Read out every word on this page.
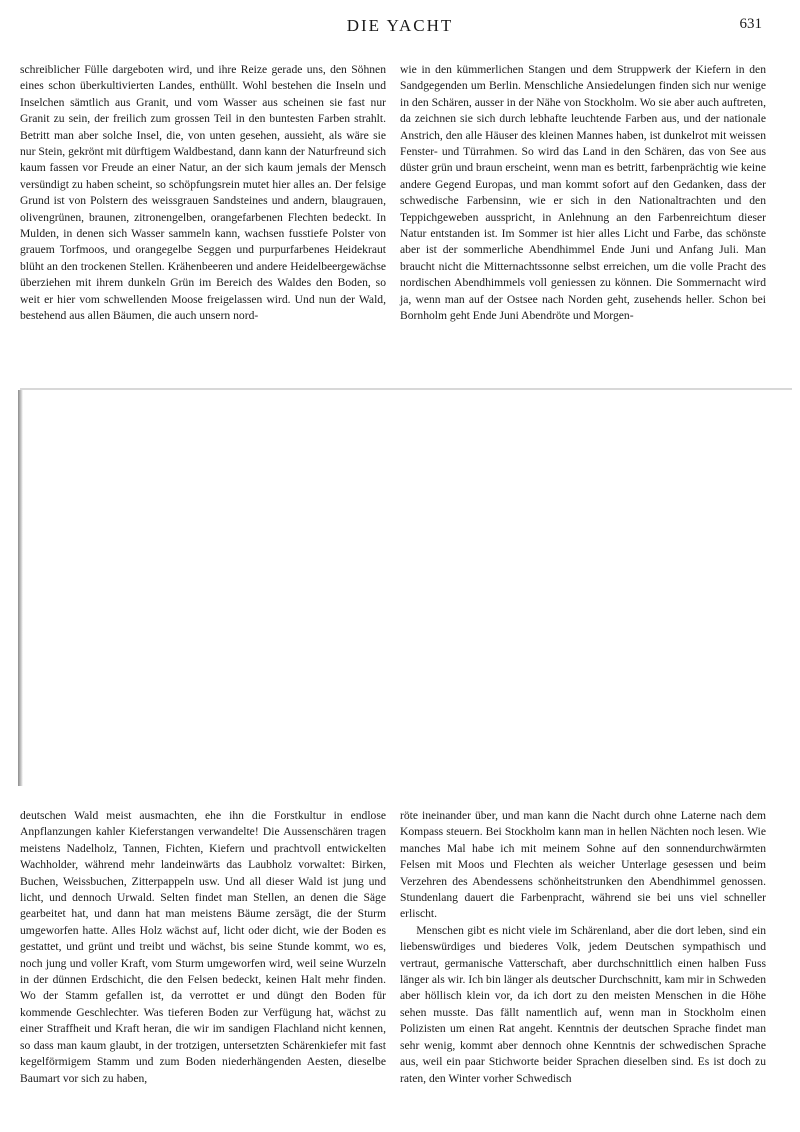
DIE YACHT	631

schreiblicher Fülle dargeboten wird, und ihre Reize gerade uns, den Söhnen eines schon überkultivierten Landes, enthüllt. Wohl bestehen die Inseln und Inselchen sämtlich aus Granit, und vom Wasser aus scheinen sie fast nur Granit zu sein, der freilich zum grossen Teil in den buntesten Farben strahlt. Betritt man aber solche Insel, die, von unten gesehen, aussieht, als wäre sie nur Stein, gekrönt mit dürftigem Waldbestand, dann kann der Naturfreund sich kaum fassen vor Freude an einer Natur, an der sich kaum jemals der Mensch versündigt zu haben scheint, so schöpfungsrein mutet hier alles an. Der felsige Grund ist von Polstern des weissgrauen Sandsteines und andern, blaugrauen, olivengrünen, braunen, zitronengelben, orangefarbenen Flechten bedeckt. In Mulden, in denen sich Wasser sammeln kann, wachsen fusstiefe Polster von grauem Torfmoos, und orangegelbe Seggen und purpurfarbenes Heidekraut blüht an den trockenen Stellen. Krähenbeeren und andere Heidelbeergewächse überziehen mit ihrem dunkeln Grün im Bereich des Waldes den Boden, so weit er hier vom schwellenden Moose freigelassen wird. Und nun der Wald, bestehend aus allen Bäumen, die auch unsern nord-

wie in den kümmerlichen Stangen und dem Struppwerk der Kiefern in den Sandgegenden um Berlin. Menschliche Ansiedelungen finden sich nur wenige in den Schären, ausser in der Nähe von Stockholm. Wo sie aber auch auftreten, da zeichnen sie sich durch lebhafte leuchtende Farben aus, und der nationale Anstrich, den alle Häuser des kleinen Mannes haben, ist dunkelrot mit weissen Fenster- und Türrahmen. So wird das Land in den Schären, das von See aus düster grün und braun erscheint, wenn man es betritt, farbenprächtig wie keine andere Gegend Europas, und man kommt sofort auf den Gedanken, dass der schwedische Farbensinn, wie er sich in den Nationaltrachten und den Teppichgeweben ausspricht, in Anlehnung an den Farbenreichtum dieser Natur entstanden ist. Im Sommer ist hier alles Licht und Farbe, das schönste aber ist der sommerliche Abendhimmel Ende Juni und Anfang Juli. Man braucht nicht die Mitternachtssonne selbst erreichen, um die volle Pracht des nordischen Abendhimmels voll geniessen zu können. Die Sommernacht wird ja, wenn man auf der Ostsee nach Norden geht, zusehends heller. Schon bei Bornholm geht Ende Juni Abendröte und Morgen-

deutschen Wald meist ausmachten, ehe ihn die Forstkultur in endlose Anpflanzungen kahler Kieferstangen verwandelte! Die Aussenschären tragen meistens Nadelholz, Tannen, Fichten, Kiefern und prachtvoll entwickelten Wachholder, während mehr landeinwärts das Laubholz vorwaltet: Birken, Buchen, Weissbuchen, Zitterpappeln usw. Und all dieser Wald ist jung und licht, und dennoch Urwald. Selten findet man Stellen, an denen die Säge gearbeitet hat, und dann hat man meistens Bäume zersägt, die der Sturm umgeworfen hatte. Alles Holz wächst auf, licht oder dicht, wie der Boden es gestattet, und grünt und treibt und wächst, bis seine Stunde kommt, wo es, noch jung und voller Kraft, vom Sturm umgeworfen wird, weil seine Wurzeln in der dünnen Erdschicht, die den Felsen bedeckt, keinen Halt mehr finden. Wo der Stamm gefallen ist, da verrottet er und düngt den Boden für kommende Geschlechter. Was tieferen Boden zur Verfügung hat, wächst zu einer Straffheit und Kraft heran, die wir im sandigen Flachland nicht kennen, so dass man kaum glaubt, in der trotzigen, untersetzten Schärenkiefer mit fast kegelförmigem Stamm und zum Boden niederhängenden Aesten, dieselbe Baumart vor sich zu haben,

röte ineinander über, und man kann die Nacht durch ohne Laterne nach dem Kompass steuern. Bei Stockholm kann man in hellen Nächten noch lesen. Wie manches Mal habe ich mit meinem Sohne auf den sonnendurchwärmten Felsen mit Moos und Flechten als weicher Unterlage gesessen und beim Verzehren des Abendessens schönheitstrunken den Abendhimmel genossen. Stundenlang dauert die Farbenpracht, während sie bei uns viel schneller erlischt.

Menschen gibt es nicht viele im Schärenland, aber die dort leben, sind ein liebenswürdiges und biederes Volk, jedem Deutschen sympathisch und vertraut, germanische Vatterschaft, aber durchschnittlich einen halben Fuss länger als wir. Ich bin länger als deutscher Durchschnitt, kam mir in Schweden aber höllisch klein vor, da ich dort zu den meisten Menschen in die Höhe sehen musste. Das fällt namentlich auf, wenn man in Stockholm einen Polizisten um einen Rat angeht. Kenntnis der deutschen Sprache findet man sehr wenig, kommt aber dennoch ohne Kenntnis der schwedischen Sprache aus, weil ein paar Stichworte beider Sprachen dieselben sind. Es ist doch zu raten, den Winter vorher Schwedisch
